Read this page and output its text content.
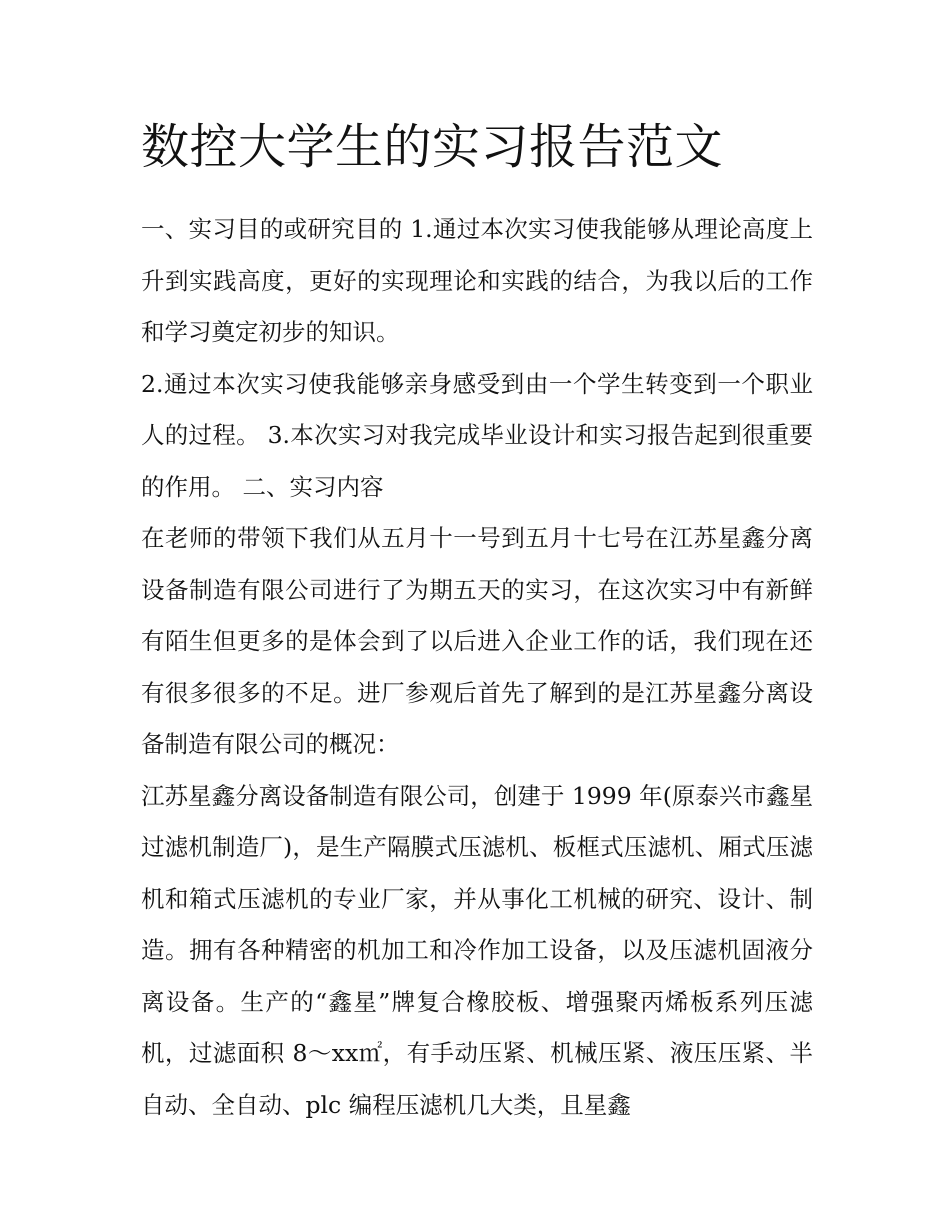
数控大学生的实习报告范文

一、实习目的或研究目的 1.通过本次实习使我能够从理论高度上升到实践高度，更好的实现理论和实践的结合，为我以后的工作和学习奠定初步的知识。

2.通过本次实习使我能够亲身感受到由一个学生转变到一个职业人的过程。 3.本次实习对我完成毕业设计和实习报告起到很重要的作用。 二、实习内容

在老师的带领下我们从五月十一号到五月十七号在江苏星鑫分离设备制造有限公司进行了为期五天的实习，在这次实习中有新鲜有陌生但更多的是体会到了以后进入企业工作的话，我们现在还有很多很多的不足。进厂参观后首先了解到的是江苏星鑫分离设备制造有限公司的概况：

江苏星鑫分离设备制造有限公司，创建于 1999 年(原泰兴市鑫星过滤机制造厂)，是生产隔膜式压滤机、板框式压滤机、厢式压滤机和箱式压滤机的专业厂家，并从事化工机械的研究、设计、制造。拥有各种精密的机加工和冷作加工设备，以及压滤机固液分离设备。生产的“鑫星”牌复合橡胶板、增强聚丙烯板系列压滤机，过滤面积 8～xx㎡，有手动压紧、机械压紧、液压压紧、半自动、全自动、plc 编程压滤机几大类，且星鑫
